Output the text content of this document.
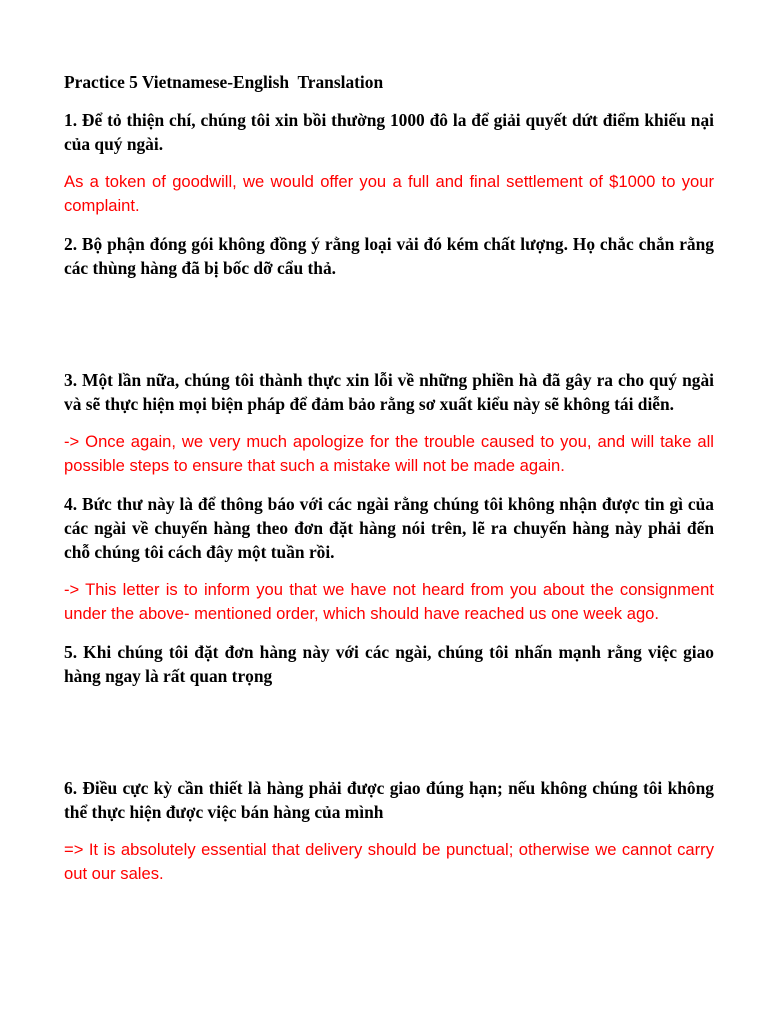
Practice 5 Vietnamese-English  Translation

1. Để tỏ thiện chí, chúng tôi xin bồi thường 1000 đô la để giải quyết dứt điểm khiếu nại của quý ngài.

As a token of goodwill, we would offer you a full and final settlement of $1000 to your complaint.

2. Bộ phận đóng gói không đồng ý rằng loại vải đó kém chất lượng. Họ chắc chắn rằng các thùng hàng đã bị bốc dỡ cẩu thả.

3. Một lần nữa, chúng tôi thành thực xin lỗi về những phiền hà đã gây ra cho quý ngài và sẽ thực hiện mọi biện pháp để đảm bảo rằng sơ xuất kiểu này sẽ không tái diễn.

-> Once again, we very much apologize for the trouble caused to you, and will take all possible steps to ensure that such a mistake will not be made again.

4. Bức thư này là để thông báo với các ngài rằng chúng tôi không nhận được tin gì của các ngài về chuyến hàng theo đơn đặt hàng nói trên, lẽ ra chuyến hàng này phải đến chỗ chúng tôi cách đây một tuần rồi.

-> This letter is to inform you that we have not heard from you about the consignment under the above- mentioned order, which should have reached us one week ago.

5. Khi chúng tôi đặt đơn hàng này với các ngài, chúng tôi nhấn mạnh rằng việc giao hàng ngay là rất quan trọng

6. Điều cực kỳ cần thiết là hàng phải được giao đúng hạn; nếu không chúng tôi không thể thực hiện được việc bán hàng của mình

=> It is absolutely essential that delivery should be punctual; otherwise we cannot carry out our sales.
